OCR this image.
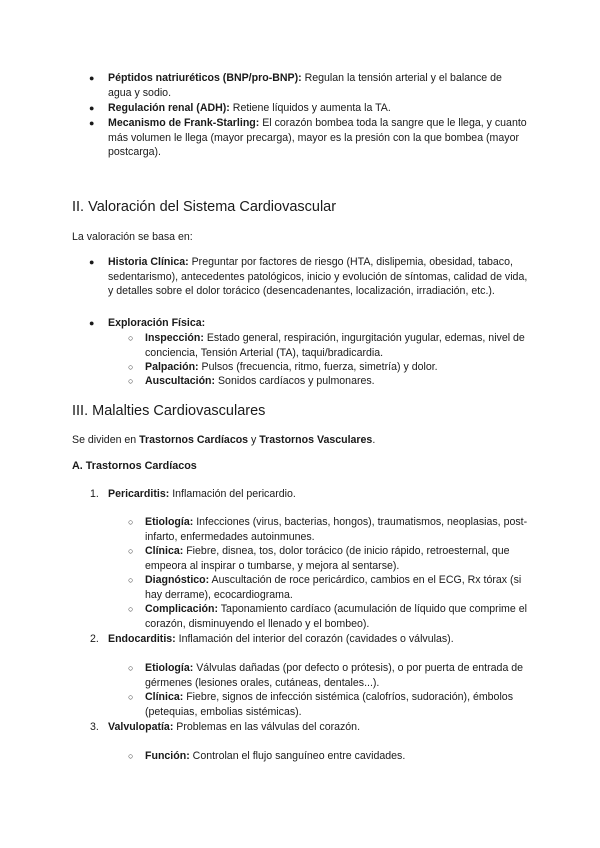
● Péptidos natriuréticos (BNP/pro-BNP): Regulan la tensión arterial y el balance de agua y sodio.
● Regulación renal (ADH): Retiene líquidos y aumenta la TA.
● Mecanismo de Frank-Starling: El corazón bombea toda la sangre que le llega, y cuanto más volumen le llega (mayor precarga), mayor es la presión con la que bombea (mayor postcarga).
II. Valoración del Sistema Cardiovascular
La valoración se basa en:
● Historia Clínica: Preguntar por factores de riesgo (HTA, dislipemia, obesidad, tabaco, sedentarismo), antecedentes patológicos, inicio y evolución de síntomas, calidad de vida, y detalles sobre el dolor torácico (desencadenantes, localización, irradiación, etc.).
● Exploración Física:
○ Inspección: Estado general, respiración, ingurgitación yugular, edemas, nivel de conciencia, Tensión Arterial (TA), taqui/bradicardia.
○ Palpación: Pulsos (frecuencia, ritmo, fuerza, simetría) y dolor.
○ Auscultación: Sonidos cardíacos y pulmonares.
III. Malalties Cardiovasculares
Se dividen en Trastornos Cardíacos y Trastornos Vasculares.
A. Trastornos Cardíacos
1. Pericarditis: Inflamación del pericardio.
○ Etiología: Infecciones (virus, bacterias, hongos), traumatismos, neoplasias, post-infarto, enfermedades autoinmunes.
○ Clínica: Fiebre, disnea, tos, dolor torácico (de inicio rápido, retroesternal, que empeora al inspirar o tumbarse, y mejora al sentarse).
○ Diagnóstico: Auscultación de roce pericárdico, cambios en el ECG, Rx tórax (si hay derrame), ecocardiograma.
○ Complicación: Taponamiento cardíaco (acumulación de líquido que comprime el corazón, disminuyendo el llenado y el bombeo).
2. Endocarditis: Inflamación del interior del corazón (cavidades o válvulas).
○ Etiología: Válvulas dañadas (por defecto o prótesis), o por puerta de entrada de gérmenes (lesiones orales, cutáneas, dentales...).
○ Clínica: Fiebre, signos de infección sistémica (calofríos, sudoración), émbolos (petequias, embolias sistémicas).
3. Valvulopatía: Problemas en las válvulas del corazón.
○ Función: Controlan el flujo sanguíneo entre cavidades.
